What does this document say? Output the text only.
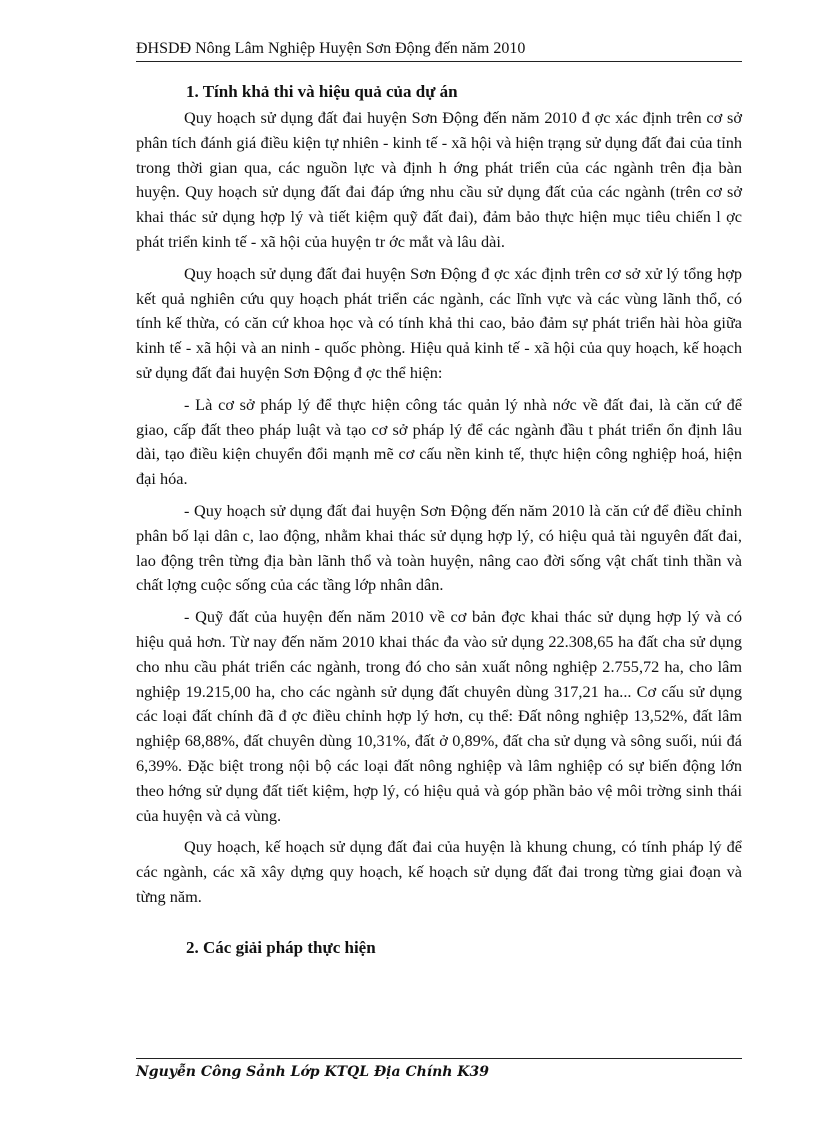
ĐHSDĐ Nông Lâm Nghiệp Huyện Sơn Động đến năm 2010
1. Tính khả thi và hiệu quả của dự án

Quy hoạch sử dụng đất đai huyện Sơn Động đến năm 2010 đ ợc xác định trên cơ sở phân tích đánh giá điều kiện tự nhiên - kinh tế - xã hội và hiện trạng sử dụng đất đai của tỉnh trong thời gian qua, các nguồn lực và định h ớng phát triển của các ngành trên địa bàn huyện. Quy hoạch sử dụng đất đai đáp ứng nhu cầu sử dụng đất của các ngành (trên cơ sở khai thác sử dụng hợp lý và tiết kiệm quỹ đất đai), đảm bảo thực hiện mục tiêu chiến l ợc phát triển kinh tế - xã hội của huyện tr ớc mắt và lâu dài.

Quy hoạch sử dụng đất đai huyện Sơn Động đ ợc xác định trên cơ sở xử lý tổng hợp kết quả nghiên cứu quy hoạch phát triển các ngành, các lĩnh vực và các vùng lãnh thổ, có tính kế thừa, có căn cứ khoa học và có tính khả thi cao, bảo đảm sự phát triển hài hòa giữa kinh tế - xã hội và an ninh - quốc phòng. Hiệu quả kinh tế - xã hội của quy hoạch, kế hoạch sử dụng đất đai huyện Sơn Động đ ợc thể hiện:

- Là cơ sở pháp lý để thực hiện công tác quản lý nhà nớc về đất đai, là căn cứ để giao, cấp đất theo pháp luật và tạo cơ sở pháp lý để các ngành đầu t phát triển ổn định lâu dài, tạo điều kiện chuyển đổi mạnh mẽ cơ cấu nền kinh tế, thực hiện công nghiệp hoá, hiện đại hóa.

- Quy hoạch sử dụng đất đai huyện Sơn Động đến năm 2010 là căn cứ để điều chỉnh phân bố lại dân c, lao động, nhằm khai thác sử dụng hợp lý, có hiệu quả tài nguyên đất đai, lao động trên từng địa bàn lãnh thổ và toàn huyện, nâng cao đời sống vật chất tinh thần và chất lợng cuộc sống của các tầng lớp nhân dân.

- Quỹ đất của huyện đến năm 2010 về cơ bản đợc khai thác sử dụng hợp lý và có hiệu quả hơn. Từ nay đến năm 2010 khai thác đa vào sử dụng 22.308,65 ha đất cha sử dụng cho nhu cầu phát triển các ngành, trong đó cho sản xuất nông nghiệp 2.755,72 ha, cho lâm nghiệp 19.215,00 ha, cho các ngành sử dụng đất chuyên dùng 317,21 ha... Cơ cấu sử dụng các loại đất chính đã đ ợc điều chỉnh hợp lý hơn, cụ thể: Đất nông nghiệp 13,52%, đất lâm nghiệp 68,88%, đất chuyên dùng 10,31%, đất ở 0,89%, đất cha sử dụng và sông suối, núi đá 6,39%. Đặc biệt trong nội bộ các loại đất nông nghiệp và lâm nghiệp có sự biến động lớn theo hớng sử dụng đất tiết kiệm, hợp lý, có hiệu quả và góp phần bảo vệ môi trờng sinh thái của huyện và cả vùng.

Quy hoạch, kế hoạch sử dụng đất đai của huyện là khung chung, có tính pháp lý để các ngành, các xã xây dựng quy hoạch, kế hoạch sử dụng đất đai trong từng giai đoạn và từng năm.

2. Các giải pháp thực hiện
Nguyễn Công Sảnh Lớp KTQL Địa Chính K39
